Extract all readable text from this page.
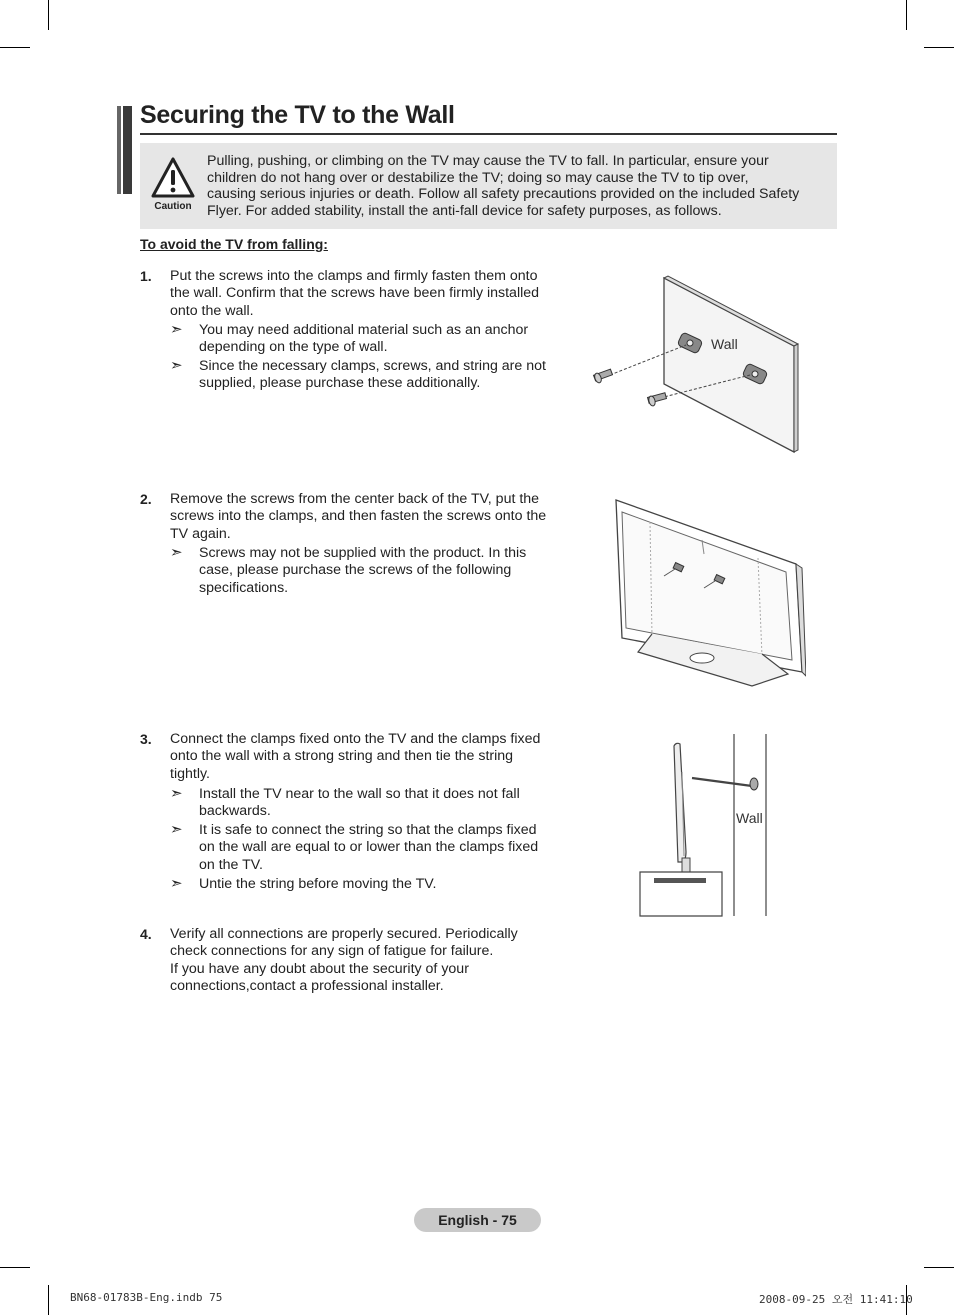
Securing the TV to the Wall
Caution
Pulling, pushing, or climbing on the TV may cause the TV to fall. In particular, ensure your
children do not hang over or destabilize the TV; doing so may cause the TV to tip over,
causing serious injuries or death. Follow all safety precautions provided on the included Safety
Flyer. For added stability, install the anti-fall device for safety purposes, as follows.
To avoid the TV from falling:
1. Put the screws into the clamps and firmly fasten them onto
the wall. Confirm that the screws have been firmly installed
onto the wall.
➣ You may need additional material such as an anchor
depending on the type of wall.
➣ Since the necessary clamps, screws, and string are not
supplied, please purchase these additionally.
Wall
2. Remove the screws from the center back of the TV, put the
screws into the clamps, and then fasten the screws onto the
TV again.
➣ Screws may not be supplied with the product. In this
case, please purchase the screws of the following
specifications.
3. Connect the clamps fixed onto the TV and the clamps fixed
onto the wall with a strong string and then tie the string
tightly.
➣ Install the TV near to the wall so that it does not fall
backwards.
➣ It is safe to connect the string so that the clamps fixed
on the wall are equal to or lower than the clamps fixed
on the TV.
➣ Untie the string before moving the TV.
Wall
4. Verify all connections are properly secured. Periodically
check connections for any sign of fatigue for failure.
If you have any doubt about the security of your
connections,contact a professional installer.
English - 75
BN68-01783B-Eng.indb 75	2008-09-25 오전 11:41:10
